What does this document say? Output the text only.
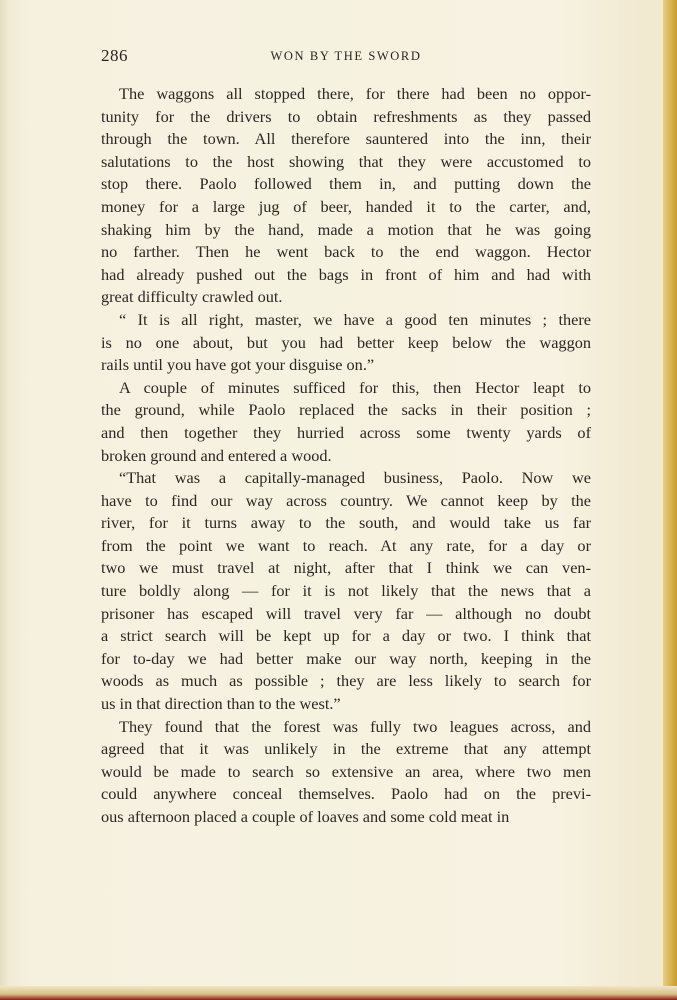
286	WON BY THE SWORD

The waggons all stopped there, for there had been no oppor-
tunity for the drivers to obtain refreshments as they passed
through the town. All therefore sauntered into the inn, their
salutations to the host showing that they were accustomed to
stop there. Paolo followed them in, and putting down the
money for a large jug of beer, handed it to the carter, and,
shaking him by the hand, made a motion that he was going
no farther. Then he went back to the end waggon. Hector
had already pushed out the bags in front of him and had with
great difficulty crawled out.

“ It is all right, master, we have a good ten minutes ; there
is no one about, but you had better keep below the waggon
rails until you have got your disguise on.”

A couple of minutes sufficed for this, then Hector leapt to
the ground, while Paolo replaced the sacks in their position ;
and then together they hurried across some twenty yards of
broken ground and entered a wood.

“That was a capitally-managed business, Paolo. Now we
have to find our way across country. We cannot keep by the
river, for it turns away to the south, and would take us far
from the point we want to reach. At any rate, for a day or
two we must travel at night, after that I think we can ven-
ture boldly along — for it is not likely that the news that a
prisoner has escaped will travel very far — although no doubt
a strict search will be kept up for a day or two. I think that
for to-day we had better make our way north, keeping in the
woods as much as possible ; they are less likely to search for
us in that direction than to the west.”

They found that the forest was fully two leagues across, and
agreed that it was unlikely in the extreme that any attempt
would be made to search so extensive an area, where two men
could anywhere conceal themselves. Paolo had on the previ-
ous afternoon placed a couple of loaves and some cold meat in
